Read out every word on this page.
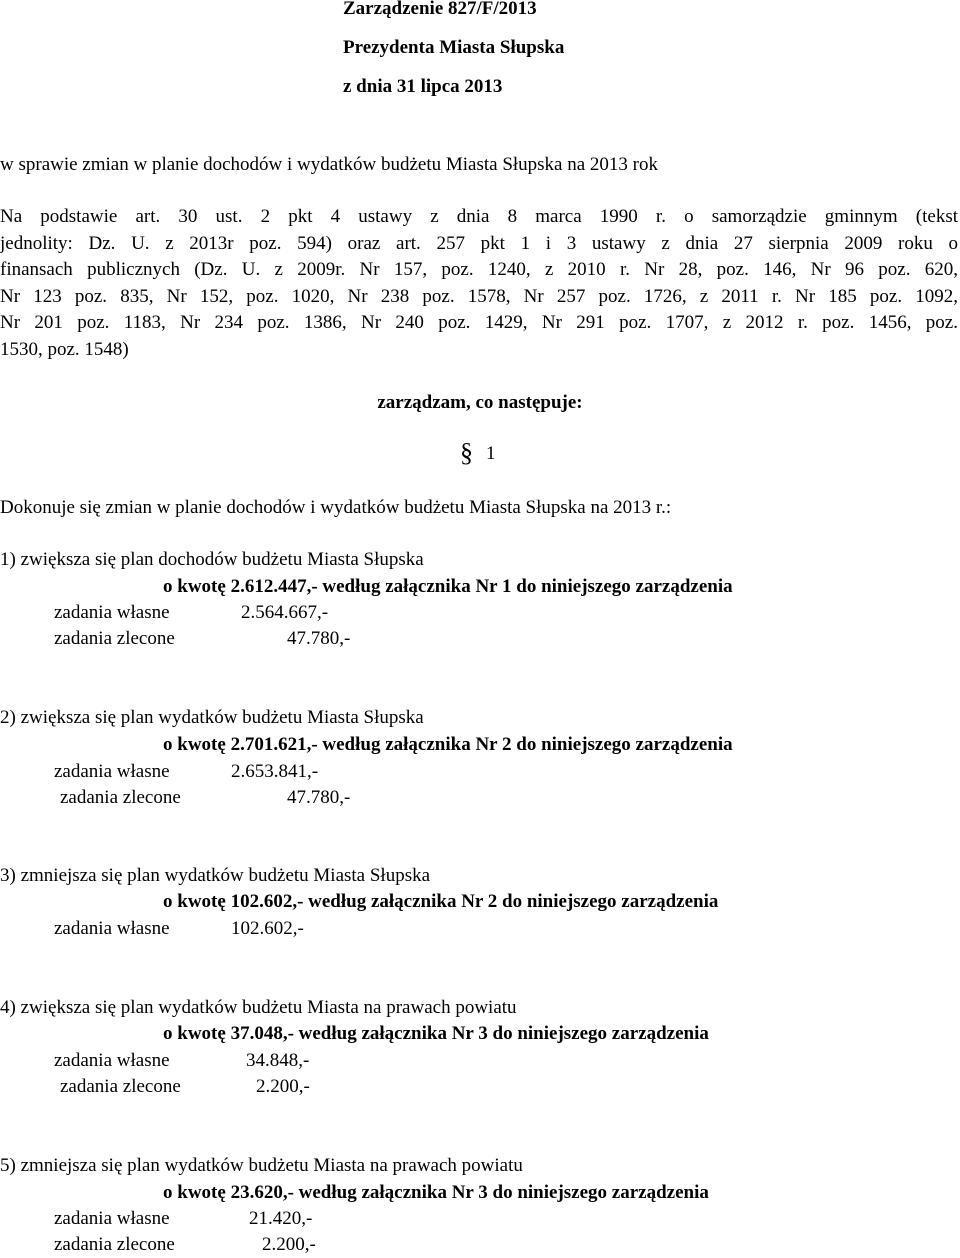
Zarządzenie 827/F/2013
Prezydenta Miasta Słupska
z dnia 31 lipca 2013
w sprawie zmian w planie dochodów i wydatków budżetu Miasta Słupska na 2013 rok
Na podstawie art. 30 ust. 2 pkt 4 ustawy z dnia 8 marca 1990 r. o samorządzie gminnym (tekst
jednolity: Dz. U. z 2013r poz. 594) oraz art. 257 pkt 1 i 3 ustawy z dnia 27 sierpnia 2009 roku o
finansach publicznych (Dz. U. z 2009r. Nr 157, poz. 1240, z 2010 r. Nr 28, poz. 146, Nr 96 poz. 620,
Nr 123 poz. 835, Nr 152, poz. 1020, Nr 238 poz. 1578, Nr 257 poz. 1726, z 2011 r. Nr 185 poz. 1092,
Nr 201 poz. 1183, Nr 234 poz. 1386, Nr 240 poz. 1429, Nr 291 poz. 1707, z 2012 r. poz. 1456, poz.
1530, poz. 1548)
zarządzam, co następuje:
§ 1
Dokonuje się zmian w planie dochodów i wydatków budżetu Miasta Słupska na 2013 r.:
1) zwiększa się plan dochodów budżetu Miasta Słupska
o kwotę 2.612.447,- według załącznika Nr 1 do niniejszego zarządzenia
zadania własne	2.564.667,-
zadania zlecone	47.780,-
2) zwiększa się plan wydatków budżetu Miasta Słupska
o kwotę 2.701.621,- według załącznika Nr 2 do niniejszego zarządzenia
zadania własne	2.653.841,-
zadania zlecone	47.780,-
3) zmniejsza się plan wydatków budżetu Miasta Słupska
o kwotę 102.602,- według załącznika Nr 2 do niniejszego zarządzenia
zadania własne	102.602,-
4) zwiększa się plan wydatków budżetu Miasta na prawach powiatu
o kwotę 37.048,- według załącznika Nr 3 do niniejszego zarządzenia
zadania własne	34.848,-
zadania zlecone	2.200,-
5) zmniejsza się plan wydatków budżetu Miasta na prawach powiatu
o kwotę 23.620,- według załącznika Nr 3 do niniejszego zarządzenia
zadania własne	21.420,-
zadania zlecone	2.200,-
